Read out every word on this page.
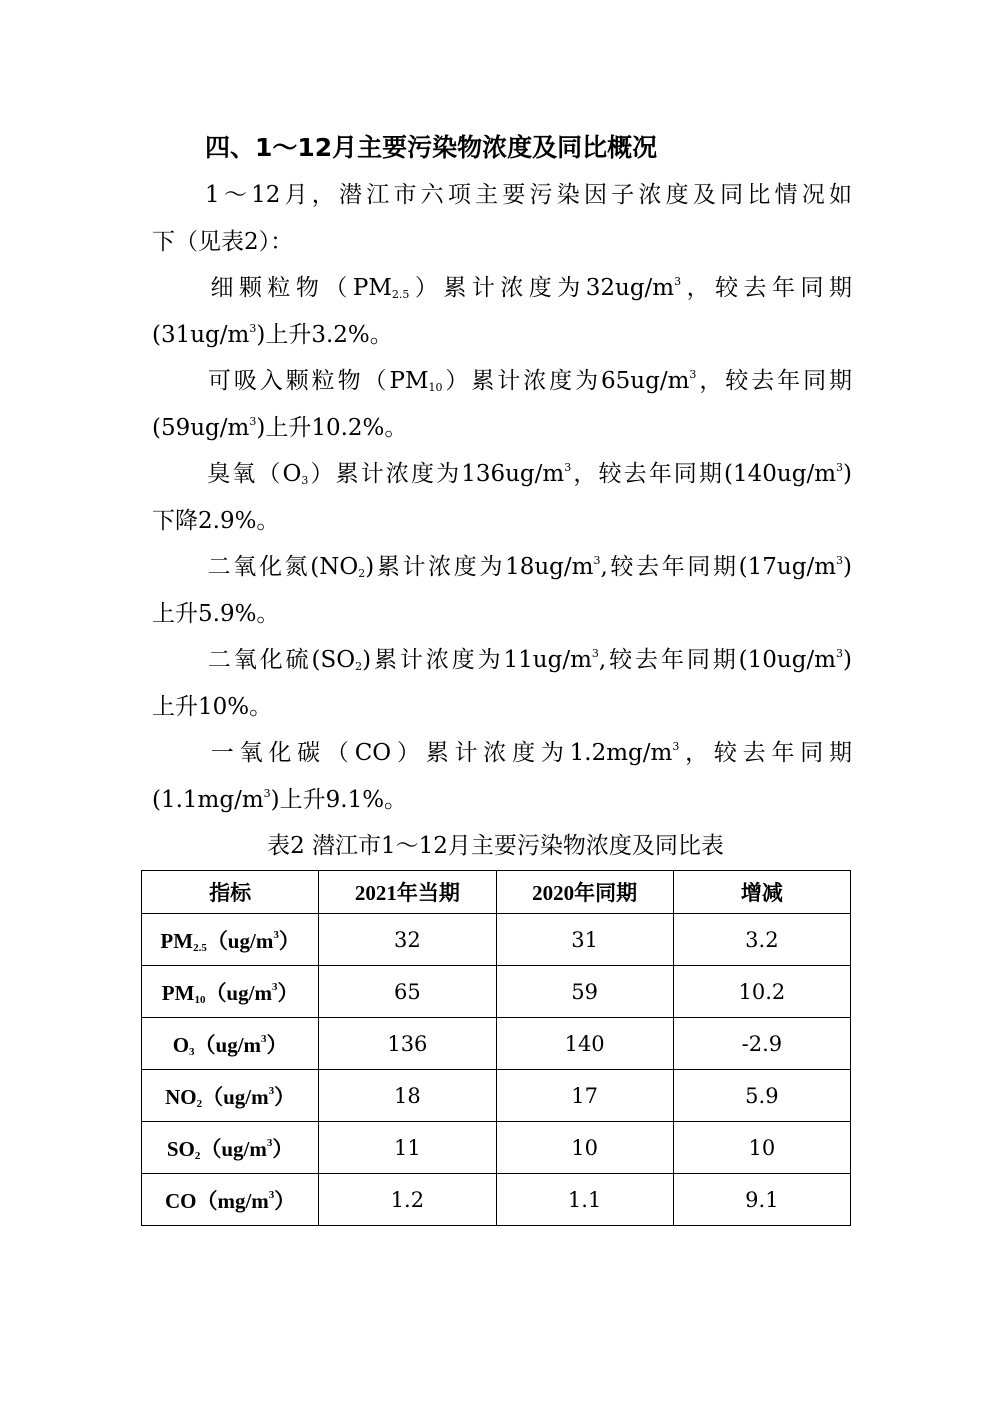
四、1～12月主要污染物浓度及同比概况
1～12月，潜江市六项主要污染因子浓度及同比情况如
下（见表2）：
细颗粒物$(PM_{2.5})$累计浓度为$32ug/m^3$，较去年同期
$(31ug/m^3)$上升3.2%。
可吸入颗粒物$(PM_{10})$累计浓度为$65ug/m^3$，较去年同期
$(59ug/m^3)$上升10.2%。
臭氧$(O_3)$累计浓度为$136ug/m^3$，较去年同期$(140ug/m^3)$
下降2.9%。
二氧化氮$(NO_2)$累计浓度为$18ug/m^3$,较去年同期$(17ug/m^3)$
上升5.9%。
二氧化硫$(SO_2)$累计浓度为$11ug/m^3$,较去年同期$(10ug/m^3)$
上升10%。
一氧化碳（CO）累计浓度为$1.2mg/m^3$，较去年同期
$(1.1mg/m^3)$上升9.1%。
表2 潜江市1～12月主要污染物浓度及同比表
指标	2021年当期	2020年同期	增减
$PM_{2.5}(ug/m^3)$	32	31	3.2
$PM_{10}(ug/m^3)$	65	59	10.2
$O_3(ug/m^3)$	136	140	-2.9
$NO_2(ug/m^3)$	18	17	5.9
$SO_2(ug/m^3)$	11	10	10
$CO(mg/m^3)$	1.2	1.1	9.1
